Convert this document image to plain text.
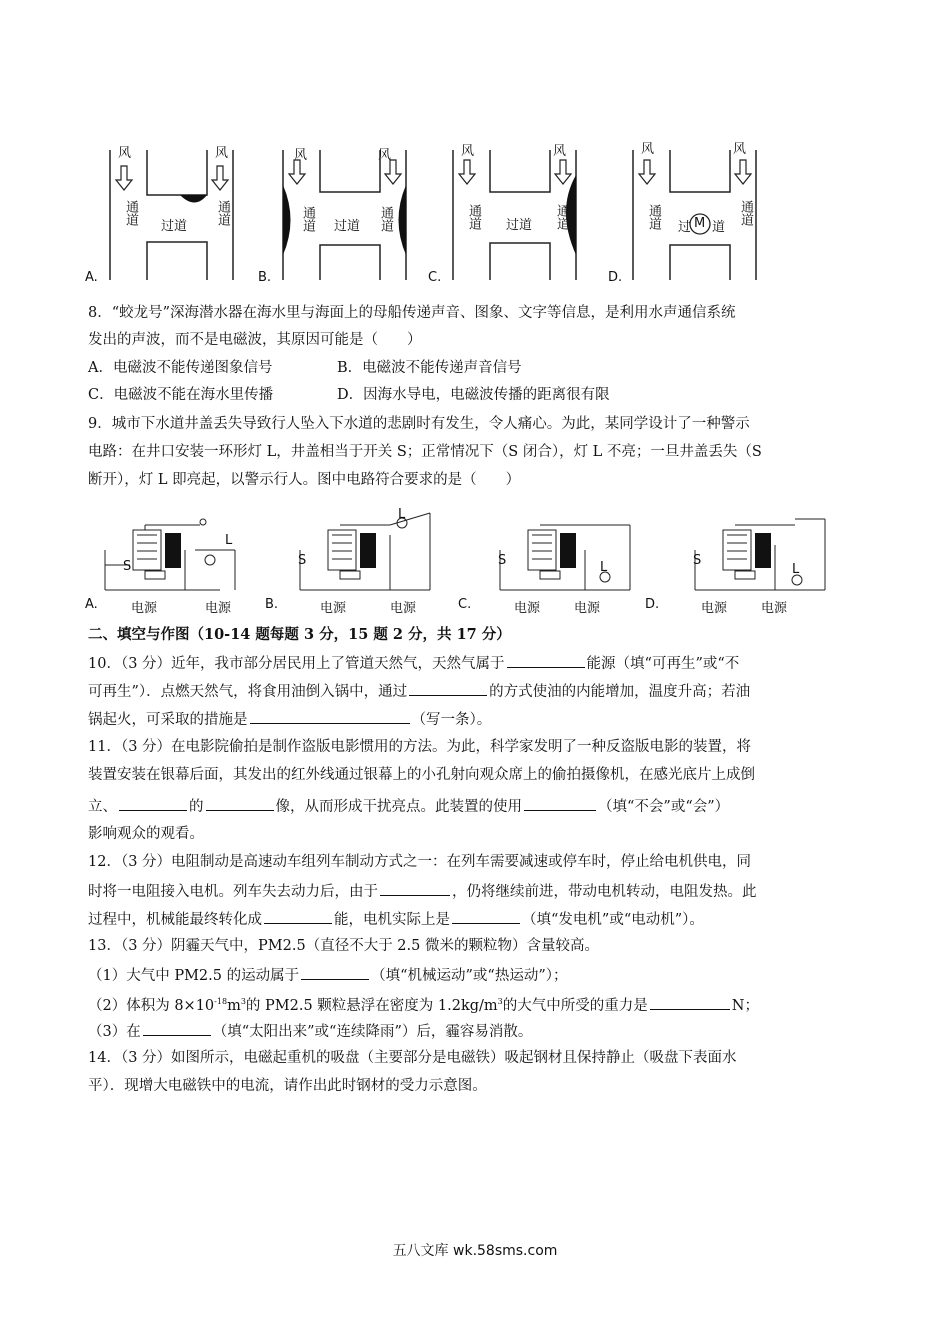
A.
风	风
通道	通道
过道
B.
风	风
通道	通道
过道
C.
风	风
通道	通道
过道
D.
风	风
通道	通道
过 M 道
8．“蛟龙号”深海潜水器在海水里与海面上的母船传递声音、图象、文字等信息，是利用水声通信系统
发出的声波，而不是电磁波，其原因可能是（　　）
A．电磁波不能传递图象信号	B．电磁波不能传递声音信号
C．电磁波不能在海水里传播	D．因海水导电，电磁波传播的距离很有限
9．城市下水道井盖丢失导致行人坠入下水道的悲剧时有发生，令人痛心。为此，某同学设计了一种警示
电路：在井口安装一环形灯 L，井盖相当于开关 S；正常情况下（S 闭合），灯 L 不亮；一旦井盖丢失（S
断开），灯 L 即亮起，以警示行人。图中电路符合要求的是（　　）
A.
S
L
电源	电源	B.
S
L
电源	电源	C.
S	L
电源	电源	D.
S
L
电源	电源
二、填空与作图（10-14 题每题 3 分，15 题 2 分，共 17 分）
10．（3 分）近年，我市部分居民用上了管道天然气，天然气属于	能源（填“可再生”或“不
可再生”）．点燃天然气，将食用油倒入锅中，通过	的方式使油的内能增加，温度升高；若油
锅起火，可采取的措施是	（写一条）。
11．（3 分）在电影院偷拍是制作盗版电影惯用的方法。为此，科学家发明了一种反盗版电影的装置，将
装置安装在银幕后面，其发出的红外线通过银幕上的小孔射向观众席上的偷拍摄像机，在感光底片上成倒
立、	的	像，从而形成干扰亮点。此装置的使用	（填“不会”或“会”）
影响观众的观看。
12．（3 分）电阻制动是高速动车组列车制动方式之一：在列车需要减速或停车时，停止给电机供电，同
时将一电阻接入电机。列车失去动力后，由于	，仍将继续前进，带动电机转动，电阻发热。此
过程中，机械能最终转化成	能，电机实际上是	（填“发电机”或“电动机”）。
13．（3 分）阴霾天气中，PM2.5（直径不大于 2.5 微米的颗粒物）含量较高。
（1）大气中 PM2.5 的运动属于	（填“机械运动”或“热运动”）；
（2）体积为 $8\times 10^{-18}m^3$的 PM2.5 颗粒悬浮在密度为 $1.2kg/m^3$的大气中所受的重力是	N；
（3）在	（填“太阳出来”或“连续降雨”）后，霾容易消散。
14．（3 分）如图所示，电磁起重机的吸盘（主要部分是电磁铁）吸起钢材且保持静止（吸盘下表面水
平）．现增大电磁铁中的电流，请作出此时钢材的受力示意图。
五八文库 wk.58sms.com
